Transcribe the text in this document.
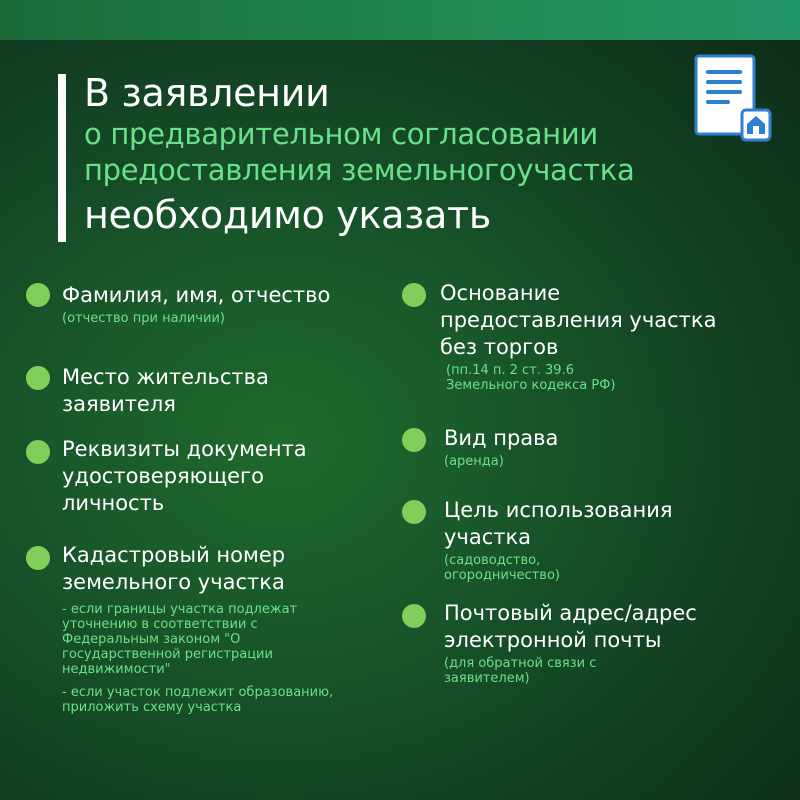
В заявлении
о предварительном согласовании
предоставления земельногоучастка
необходимо указать
Фамилия, имя, отчество
(отчество при наличии)
Место жительства
заявителя
Реквизиты документа
удостоверяющего
личность
Кадастровый номер
земельного участка
- если границы участка подлежат
уточнению в соответствии с
Федеральным законом "О
государственной регистрации
недвижимости"
- если участок подлежит образованию,
приложить схему участка
Основание
предоставления участка
без торгов
(пп.14 п. 2 ст. 39.6
Земельного кодекса РФ)
Вид права
(аренда)
Цель использования
участка
(садоводство,
огородничество)
Почтовый адрес/адрес
электронной почты
(для обратной связи с
заявителем)
